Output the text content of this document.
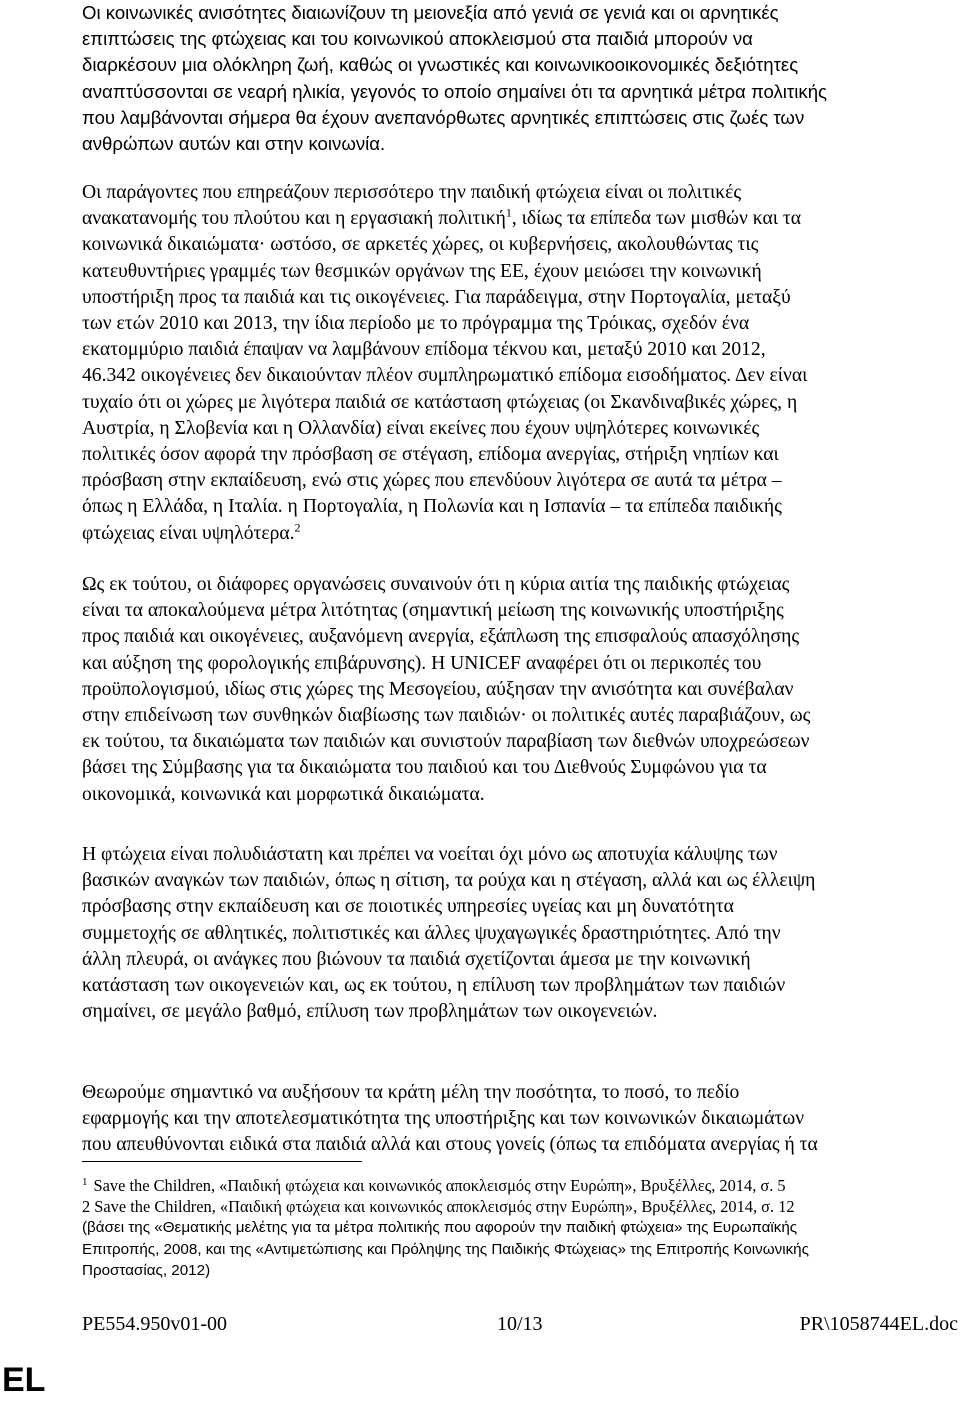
Οι κοινωνικές ανισότητες διαιωνίζουν τη μειονεξία από γενιά σε γενιά και οι αρνητικές
επιπτώσεις της φτώχειας και του κοινωνικού αποκλεισμού στα παιδιά μπορούν να
διαρκέσουν μια ολόκληρη ζωή, καθώς οι γνωστικές και κοινωνικοοικονομικές δεξιότητες
αναπτύσσονται σε νεαρή ηλικία, γεγονός το οποίο σημαίνει ότι τα αρνητικά μέτρα πολιτικής
που λαμβάνονται σήμερα θα έχουν ανεπανόρθωτες αρνητικές επιπτώσεις στις ζωές των
ανθρώπων αυτών και στην κοινωνία.

Οι παράγοντες που επηρεάζουν περισσότερο την παιδική φτώχεια είναι οι πολιτικές
ανακατανομής του πλούτου και η εργασιακή πολιτική$^1$, ιδίως τα επίπεδα των μισθών και τα
κοινωνικά δικαιώματα· ωστόσο, σε αρκετές χώρες, οι κυβερνήσεις, ακολουθώντας τις
κατευθυντήριες γραμμές των θεσμικών οργάνων της ΕΕ, έχουν μειώσει την κοινωνική
υποστήριξη προς τα παιδιά και τις οικογένειες. Για παράδειγμα, στην Πορτογαλία, μεταξύ
των ετών 2010 και 2013, την ίδια περίοδο με το πρόγραμμα της Τρόικας, σχεδόν ένα
εκατομμύριο παιδιά έπαψαν να λαμβάνουν επίδομα τέκνου και, μεταξύ 2010 και 2012,
46.342 οικογένειες δεν δικαιούνταν πλέον συμπληρωματικό επίδομα εισοδήματος. Δεν είναι
τυχαίο ότι οι χώρες με λιγότερα παιδιά σε κατάσταση φτώχειας (οι Σκανδιναβικές χώρες, η
Αυστρία, η Σλοβενία και η Ολλανδία) είναι εκείνες που έχουν υψηλότερες κοινωνικές
πολιτικές όσον αφορά την πρόσβαση σε στέγαση, επίδομα ανεργίας, στήριξη νηπίων και
πρόσβαση στην εκπαίδευση, ενώ στις χώρες που επενδύουν λιγότερα σε αυτά τα μέτρα –
όπως η Ελλάδα, η Ιταλία. η Πορτογαλία, η Πολωνία και η Ισπανία – τα επίπεδα παιδικής
φτώχειας είναι υψηλότερα.$^2$

Ως εκ τούτου, οι διάφορες οργανώσεις συναινούν ότι η κύρια αιτία της παιδικής φτώχειας
είναι τα αποκαλούμενα μέτρα λιτότητας (σημαντική μείωση της κοινωνικής υποστήριξης
προς παιδιά και οικογένειες, αυξανόμενη ανεργία, εξάπλωση της επισφαλούς απασχόλησης
και αύξηση της φορολογικής επιβάρυνσης). Η UNICEF αναφέρει ότι οι περικοπές του
προϋπολογισμού, ιδίως στις χώρες της Μεσογείου, αύξησαν την ανισότητα και συνέβαλαν
στην επιδείνωση των συνθηκών διαβίωσης των παιδιών· οι πολιτικές αυτές παραβιάζουν, ως
εκ τούτου, τα δικαιώματα των παιδιών και συνιστούν παραβίαση των διεθνών υποχρεώσεων
βάσει της Σύμβασης για τα δικαιώματα του παιδιού και του Διεθνούς Συμφώνου για τα
οικονομικά, κοινωνικά και μορφωτικά δικαιώματα.

Η φτώχεια είναι πολυδιάστατη και πρέπει να νοείται όχι μόνο ως αποτυχία κάλυψης των
βασικών αναγκών των παιδιών, όπως η σίτιση, τα ρούχα και η στέγαση, αλλά και ως έλλειψη
πρόσβασης στην εκπαίδευση και σε ποιοτικές υπηρεσίες υγείας και μη δυνατότητα
συμμετοχής σε αθλητικές, πολιτιστικές και άλλες ψυχαγωγικές δραστηριότητες. Από την
άλλη πλευρά, οι ανάγκες που βιώνουν τα παιδιά σχετίζονται άμεσα με την κοινωνική
κατάσταση των οικογενειών και, ως εκ τούτου, η επίλυση των προβλημάτων των παιδιών
σημαίνει, σε μεγάλο βαθμό, επίλυση των προβλημάτων των οικογενειών.

Θεωρούμε σημαντικό να αυξήσουν τα κράτη μέλη την ποσότητα, το ποσό, το πεδίο
εφαρμογής και την αποτελεσματικότητα της υποστήριξης και των κοινωνικών δικαιωμάτων
που απευθύνονται ειδικά στα παιδιά αλλά και στους γονείς (όπως τα επιδόματα ανεργίας ή τα

$^1$ Save the Children, «Παιδική φτώχεια και κοινωνικός αποκλεισμός στην Ευρώπη», Βρυξέλλες, 2014, σ. 5
2 Save the Children, «Παιδική φτώχεια και κοινωνικός αποκλεισμός στην Ευρώπη», Βρυξέλλες, 2014, σ. 12
(βάσει της «Θεματικής μελέτης για τα μέτρα πολιτικής που αφορούν την παιδική φτώχεια» της Ευρωπαϊκής
Επιτροπής, 2008, και της «Αντιμετώπισης και Πρόληψης της Παιδικής Φτώχειας» της Επιτροπής Κοινωνικής
Προστασίας, 2012)
PE554.950v01-00	10/13	PR\1058744EL.doc
EL
